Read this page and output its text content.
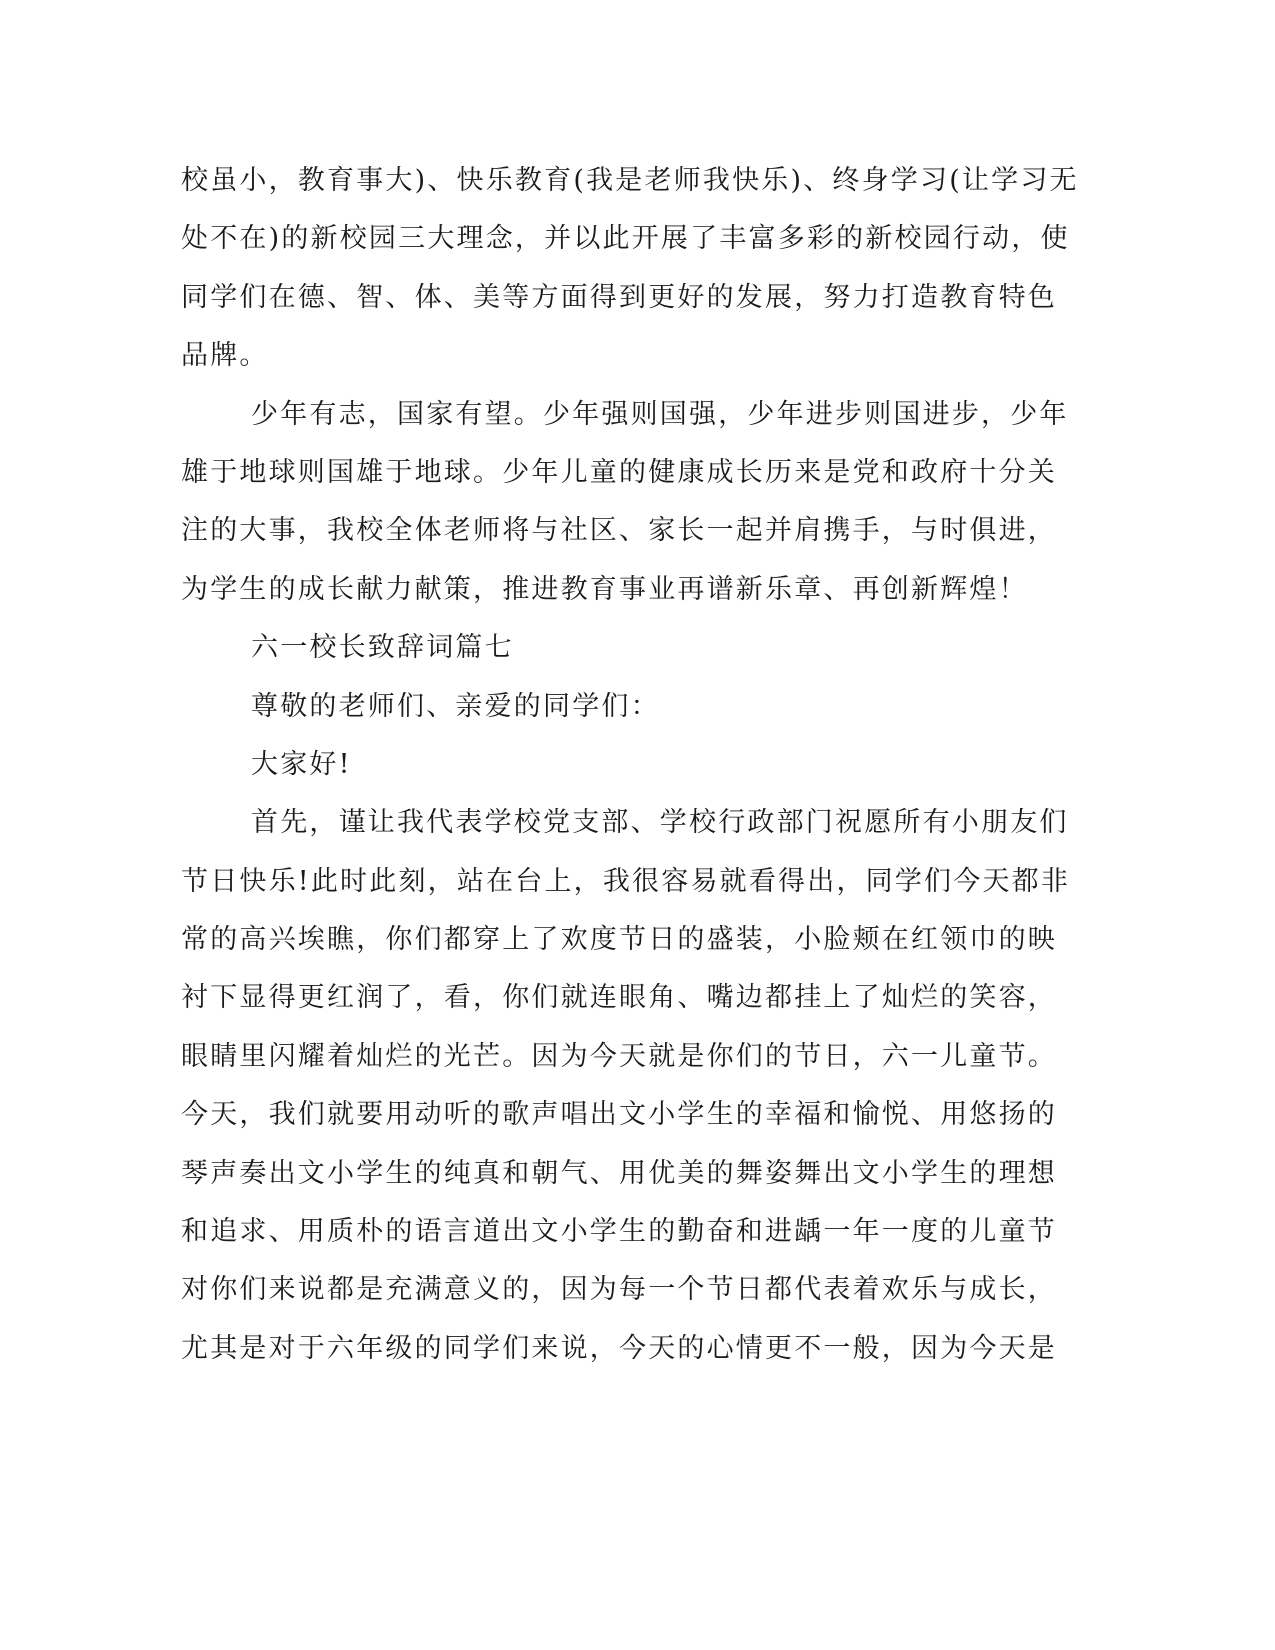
校虽小，教育事大)、快乐教育(我是老师我快乐)、终身学习(让学习无
处不在)的新校园三大理念，并以此开展了丰富多彩的新校园行动，使
同学们在德、智、体、美等方面得到更好的发展，努力打造教育特色
品牌。
少年有志，国家有望。少年强则国强，少年进步则国进步，少年
雄于地球则国雄于地球。少年儿童的健康成长历来是党和政府十分关
注的大事，我校全体老师将与社区、家长一起并肩携手，与时俱进，
为学生的成长献力献策，推进教育事业再谱新乐章、再创新辉煌！
六一校长致辞词篇七
尊敬的老师们、亲爱的同学们：
大家好!
首先，谨让我代表学校党支部、学校行政部门祝愿所有小朋友们
节日快乐!此时此刻，站在台上，我很容易就看得出，同学们今天都非
常的高兴埃瞧，你们都穿上了欢度节日的盛装，小脸颊在红领巾的映
衬下显得更红润了，看，你们就连眼角、嘴边都挂上了灿烂的笑容，
眼睛里闪耀着灿烂的光芒。因为今天就是你们的节日，六一儿童节。
今天，我们就要用动听的歌声唱出文小学生的幸福和愉悦、用悠扬的
琴声奏出文小学生的纯真和朝气、用优美的舞姿舞出文小学生的理想
和追求、用质朴的语言道出文小学生的勤奋和进龋一年一度的儿童节
对你们来说都是充满意义的，因为每一个节日都代表着欢乐与成长，
尤其是对于六年级的同学们来说，今天的心情更不一般，因为今天是
